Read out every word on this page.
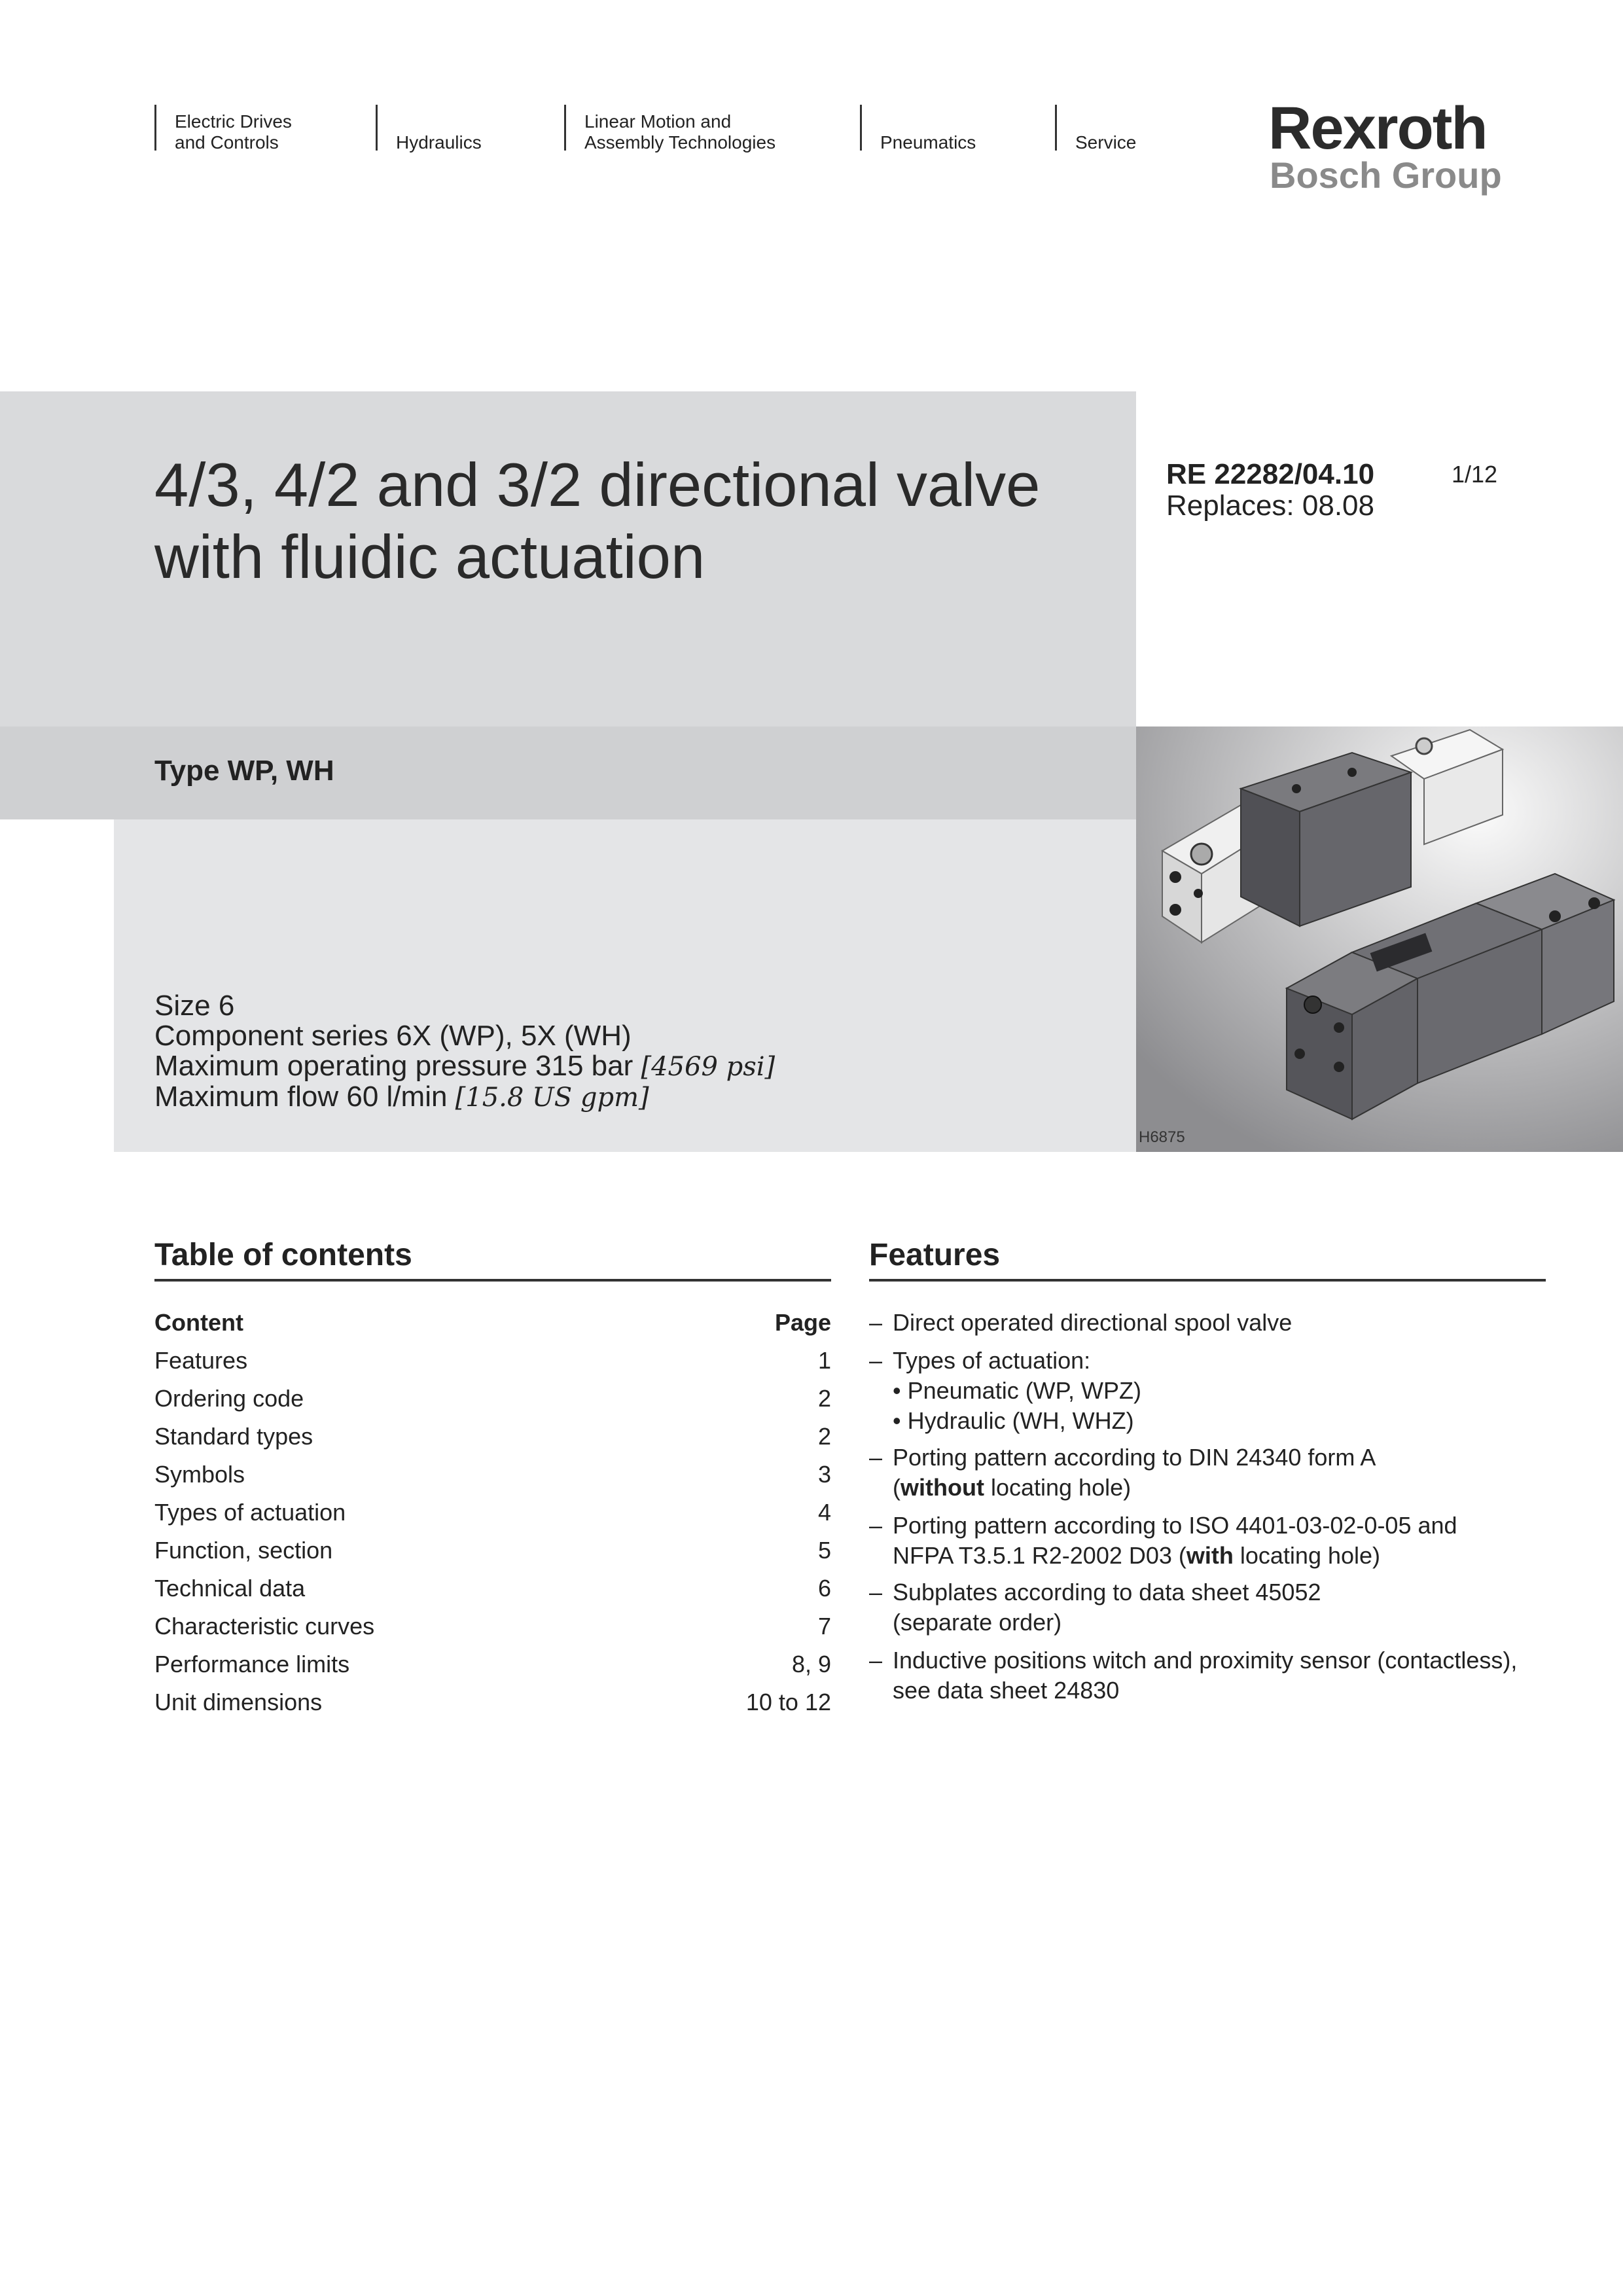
Electric Drives
and Controls	Hydraulics
Linear Motion and
Assembly Technologies	Pneumatics	Service Rexroth
Bosch Group
4/3, 4/2 and 3/2 directional valve
with fluidic actuation
RE 22282/04.10
Replaces: 08.08
1/12
Type WP, WH
Size 6
Component series 6X (WP), 5X (WH)
Maximum operating pressure 315 bar [4569 psi]
Maximum flow 60 l/min [15.8 US gpm]
H6875
Table of contents
Content	Page
Features	1
Ordering code	2
Standard types	2
Symbols	3
Types of actuation	4
Function, section	5
Technical data	6
Characteristic curves	7
Performance limits	8, 9
Unit dimensions	10 to 12
Features
– Direct operated directional spool valve
– Types of actuation:
• Pneumatic (WP, WPZ)
• Hydraulic (WH, WHZ)
– Porting pattern according to DIN 24340 form A
(without locating hole)
– Porting pattern according to ISO 4401-03-02-0-05 and
NFPA T3.5.1 R2-2002 D03 (with locating hole)
– Subplates according to data sheet 45052
(separate order)
– Inductive positions witch and proximity sensor (contactless),
see data sheet 24830
